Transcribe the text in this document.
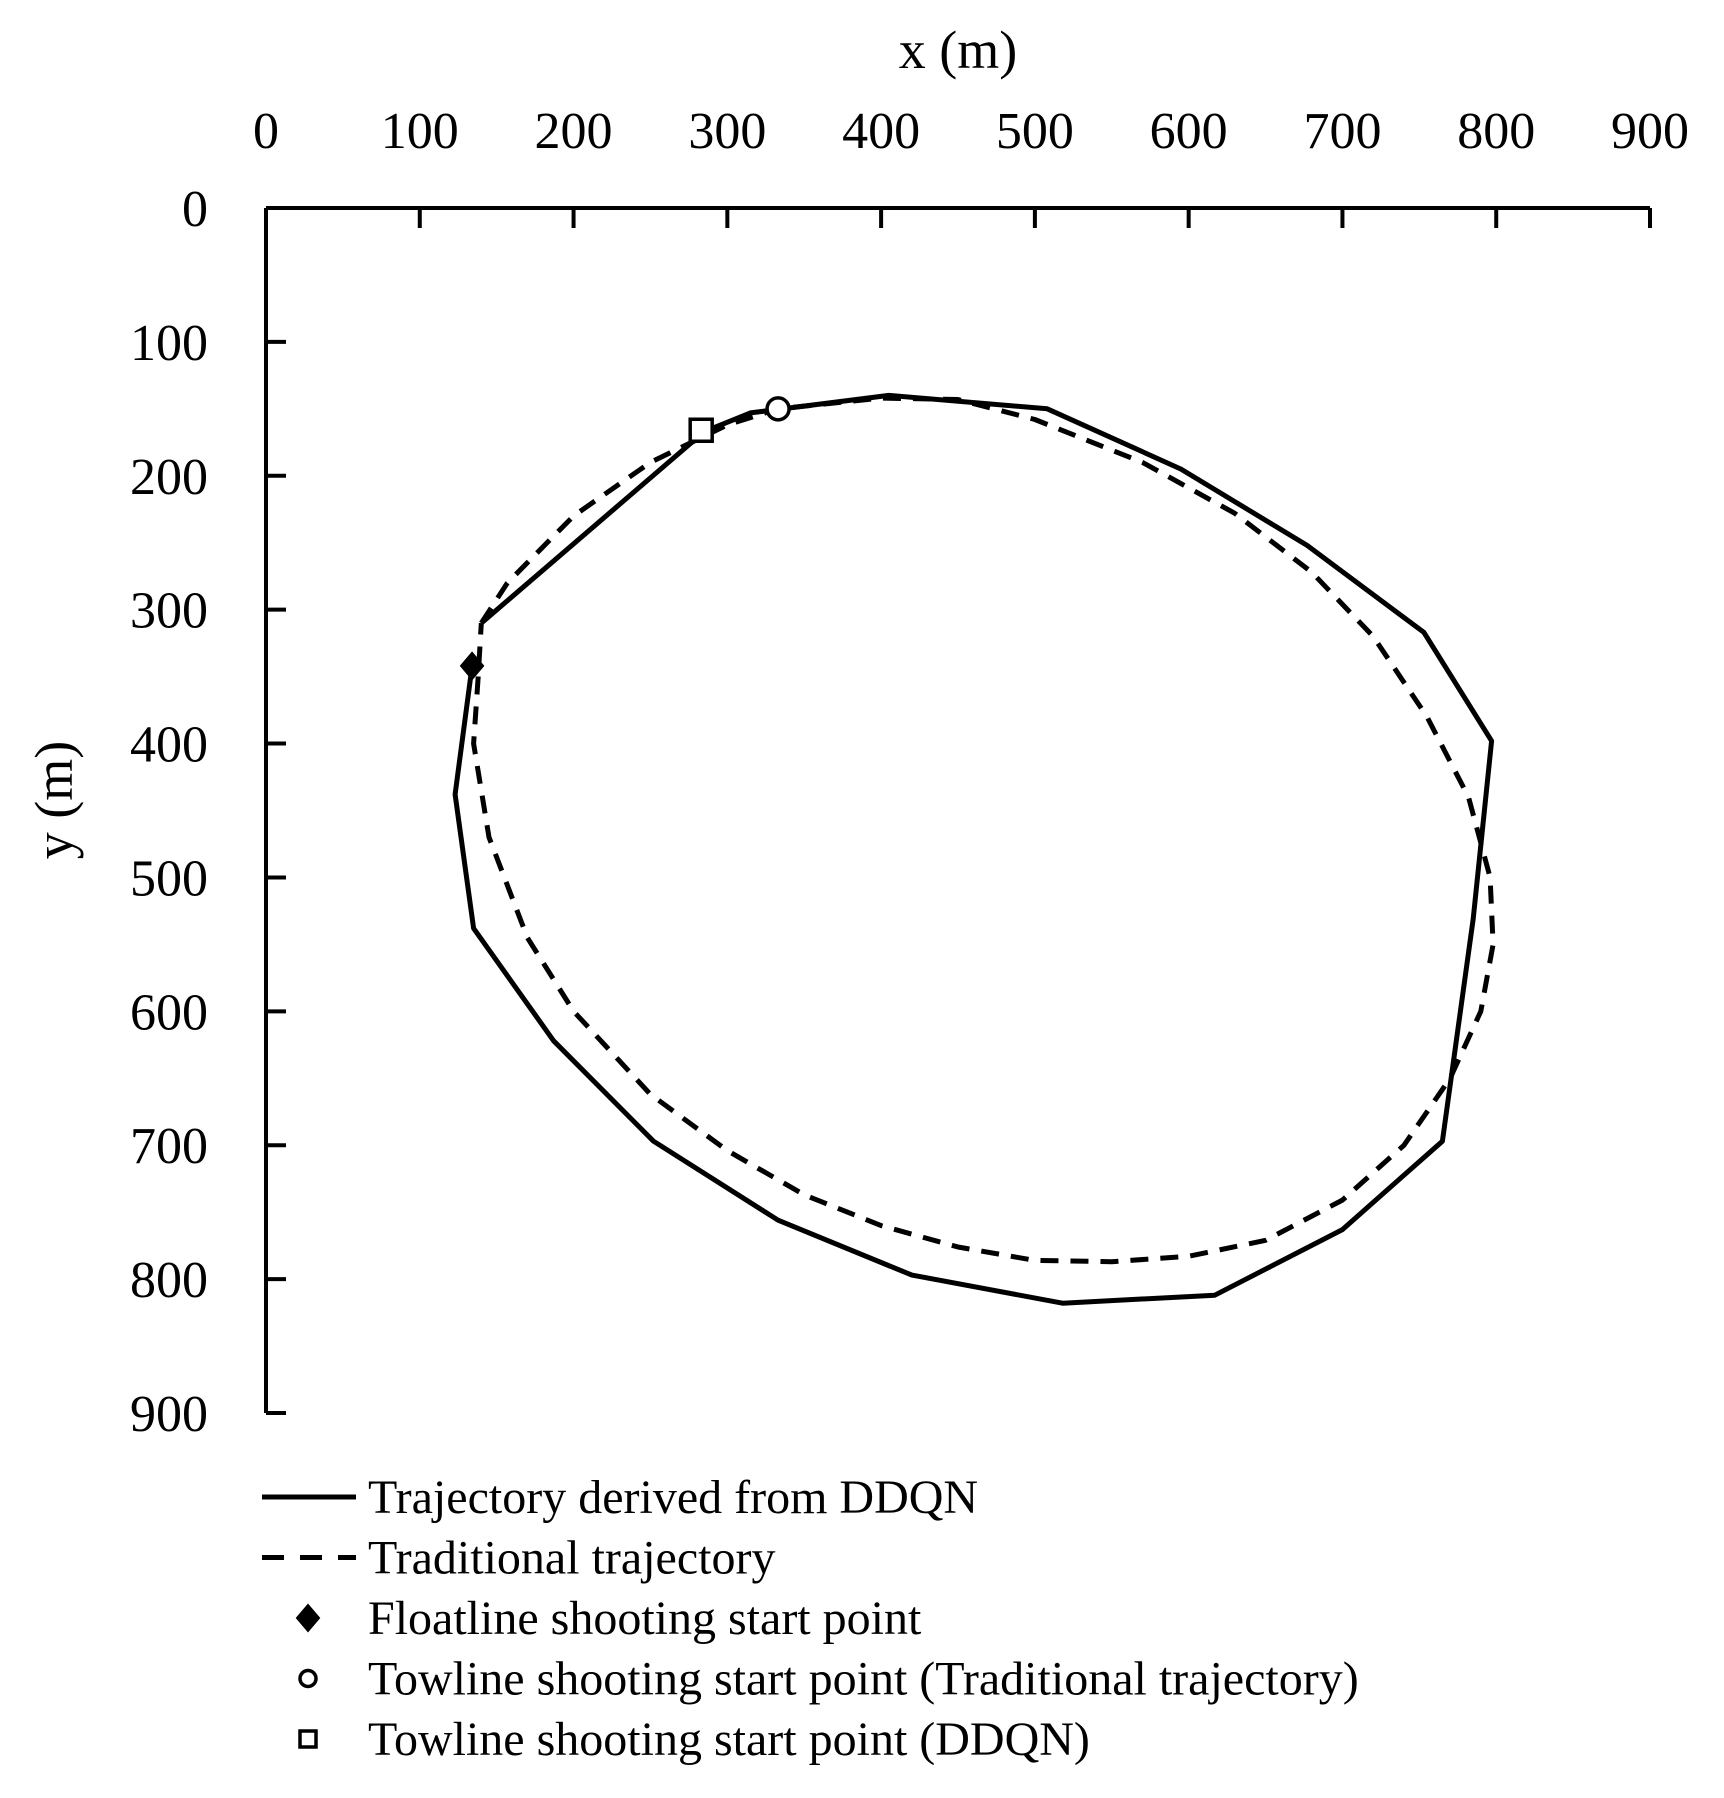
0 100 200 300 400 500 600 700 800 900
0
100
200
300
400
500
600
700
800
900
x (m)
y (m)
Trajectory derived from DDQN
Traditional trajectory
Floatline shooting start point
Towline shooting start point (Traditional trajectory)
Towline shooting start point (DDQN)
